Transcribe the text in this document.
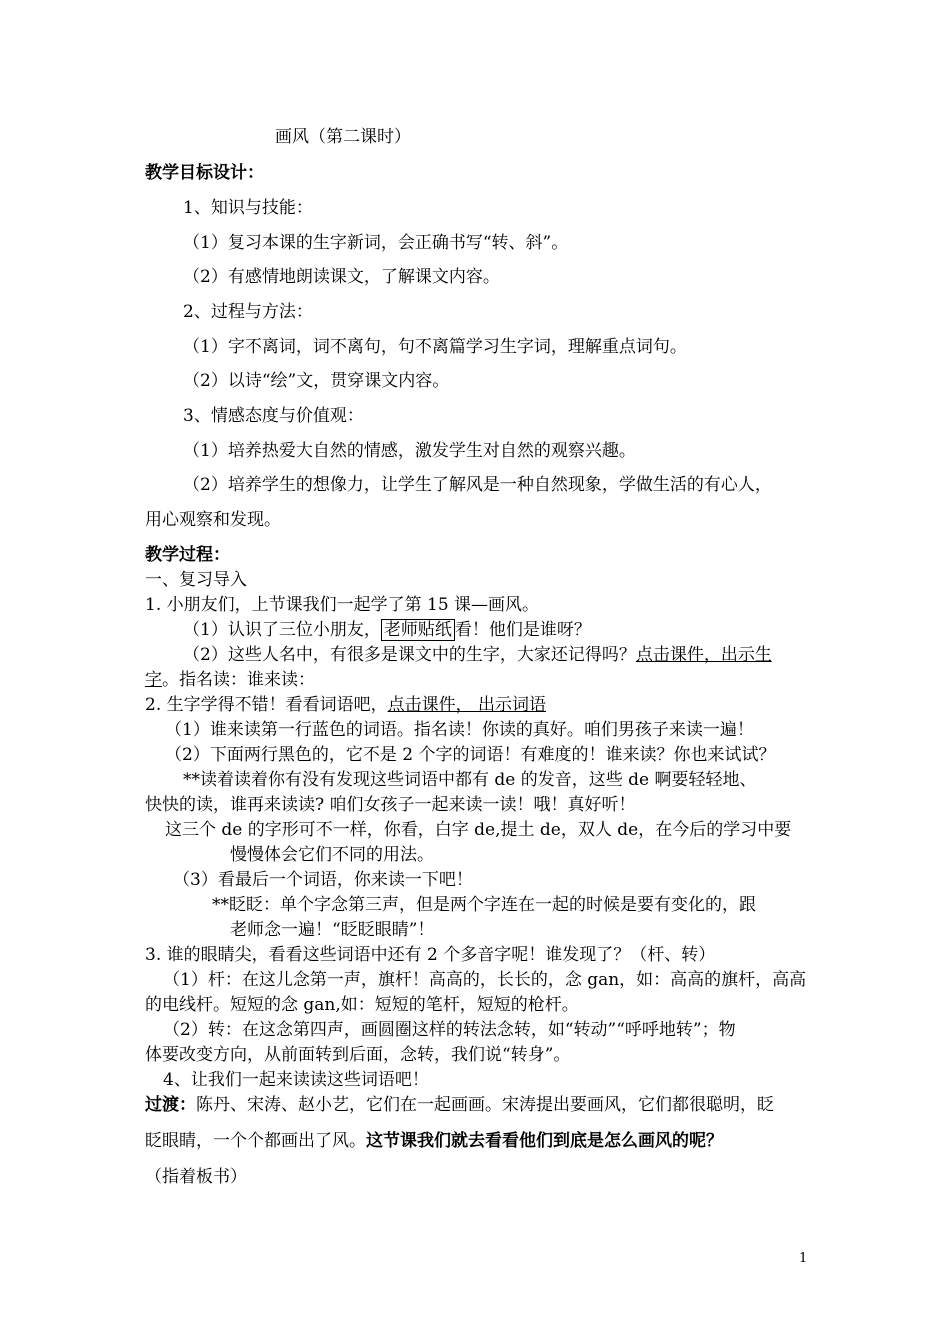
画风（第二课时）
教学目标设计：
1、知识与技能：
（1）复习本课的生字新词，会正确书写“转、斜”。
（2）有感情地朗读课文，了解课文内容。
2、过程与方法：
（1）字不离词，词不离句，句不离篇学习生字词，理解重点词句。
（2）以诗“绘”文，贯穿课文内容。
3、情感态度与价值观：
（1）培养热爱大自然的情感，激发学生对自然的观察兴趣。
（2）培养学生的想像力，让学生了解风是一种自然现象，学做生活的有心人，
用心观察和发现。
教学过程：
一、复习导入
1. 小朋友们，上节课我们一起学了第 15 课—画风。
（1）认识了三位小朋友， 老师贴纸 看！他们是谁呀？
（2）这些人名中，有很多是课文中的生字，大家还记得吗？点击课件，出示生
字。指名读：谁来读：
2. 生字学得不错！看看词语吧，点击课件， 出示词语
（1）谁来读第一行蓝色的词语。指名读！你读的真好。咱们男孩子来读一遍！
（2）下面两行黑色的，它不是 2 个字的词语！有难度的！谁来读？你也来试试？
**读着读着你有没有发现这些词语中都有 de 的发音，这些 de 啊要轻轻地、
快快的读，谁再来读读? 咱们女孩子一起来读一读！哦！真好听！
这三个 de 的字形可不一样，你看，白字 de,提土 de，双人 de，在今后的学习中要
慢慢体会它们不同的用法。
（3）看最后一个词语，你来读一下吧！
**眨眨：单个字念第三声，但是两个字连在一起的时候是要有变化的，跟
老师念一遍！“眨眨眼睛”！
3. 谁的眼睛尖，看看这些词语中还有 2 个多音字呢！谁发现了？（杆、转）
（1）杆：在这儿念第一声，旗杆！高高的，长长的，念 gan，如：高高的旗杆，高高
的电线杆。短短的念 gan,如：短短的笔杆，短短的枪杆。
（2）转：在这念第四声，画圆圈这样的转法念转，如“转动”“呼呼地转”；物
体要改变方向，从前面转到后面，念转，我们说“转身”。
4、让我们一起来读读这些词语吧！
过渡：陈丹、宋涛、赵小艺，它们在一起画画。宋涛提出要画风，它们都很聪明，眨
眨眼睛，一个个都画出了风。这节课我们就去看看他们到底是怎么画风的呢？
（指着板书）
1
